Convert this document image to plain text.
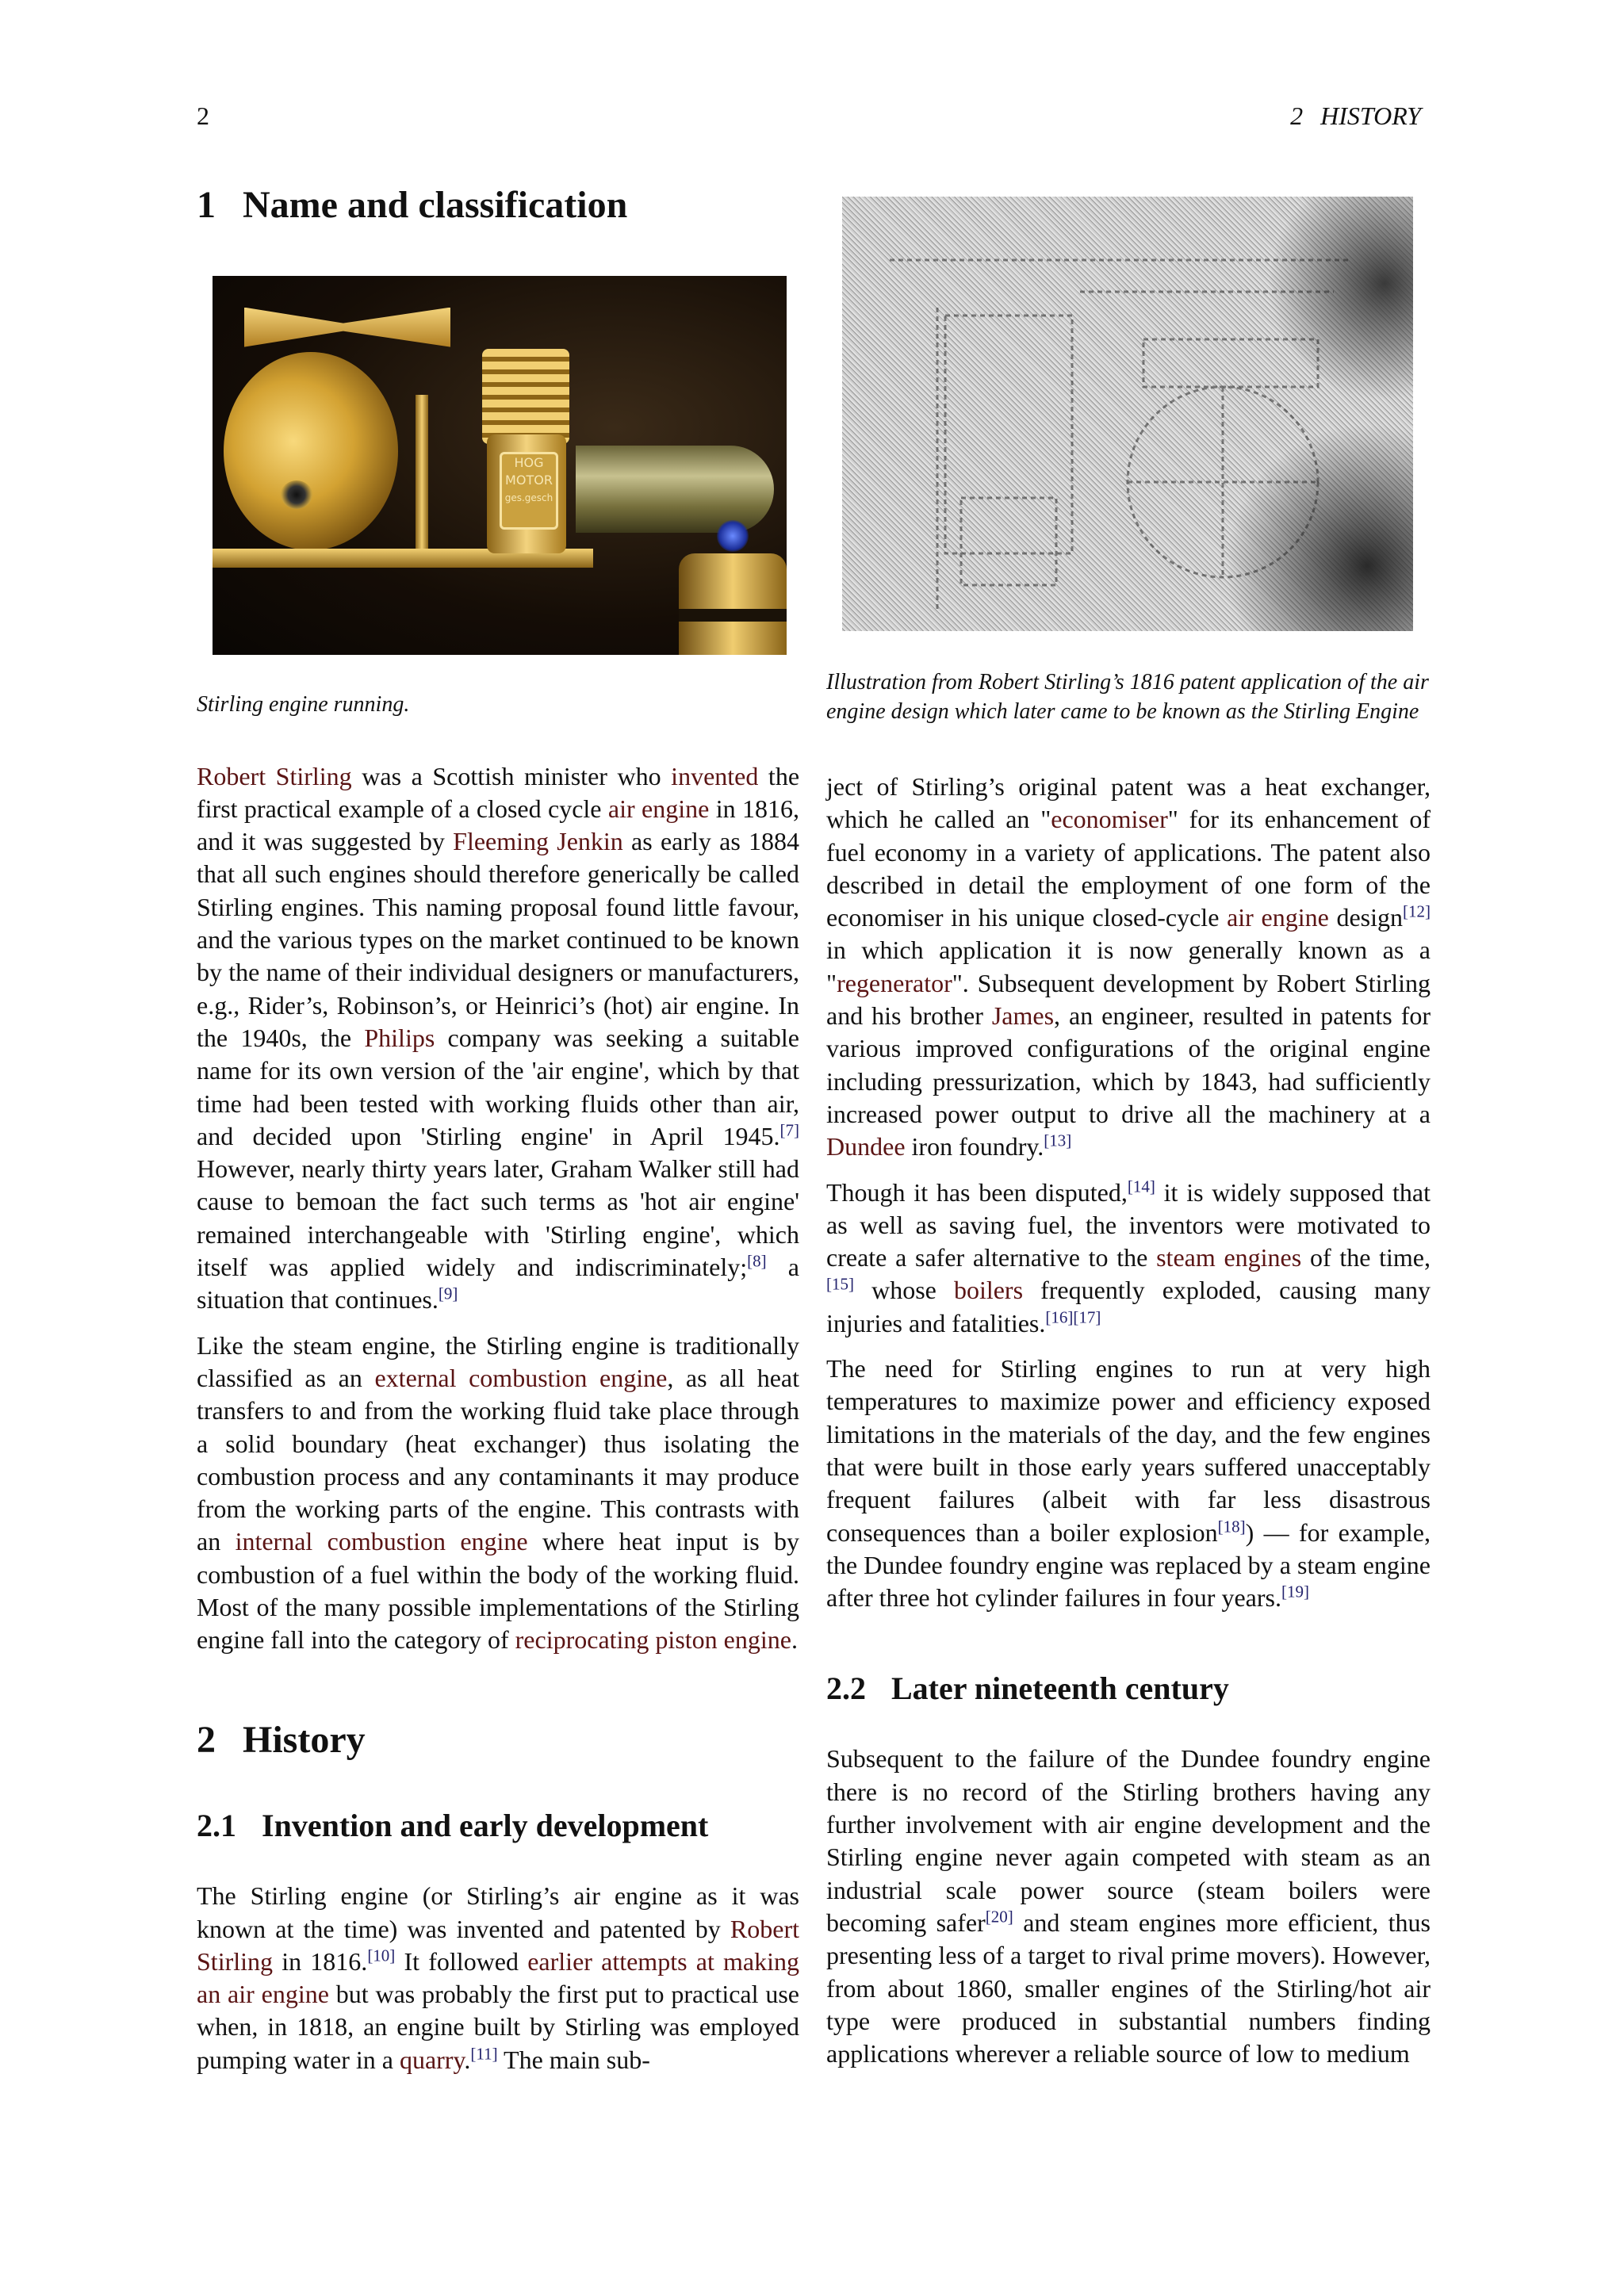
2	2 HISTORY
1 Name and classification
HOG
MOTOR
ges.gesch

Stirling engine running.

Robert Stirling was a Scottish minister who invented the first practical example of a closed cycle air engine in 1816, and it was suggested by Fleeming Jenkin as early as 1884 that all such engines should therefore generically be called Stirling engines. This naming proposal found little favour, and the various types on the market continued to be known by the name of their individual designers or manufacturers, e.g., Rider’s, Robinson’s, or Heinrici’s (hot) air engine. In the 1940s, the Philips company was seeking a suitable name for its own version of the 'air engine', which by that time had been tested with working fluids other than air, and decided upon 'Stirling engine' in April 1945.[7] However, nearly thirty years later, Graham Walker still had cause to bemoan the fact such terms as 'hot air engine' remained interchangeable with 'Stirling engine', which itself was applied widely and indiscriminately;[8] a situation that continues.[9]

Like the steam engine, the Stirling engine is traditionally classified as an external combustion engine, as all heat transfers to and from the working fluid take place through a solid boundary (heat exchanger) thus isolating the combustion process and any contaminants it may produce from the working parts of the engine. This contrasts with an internal combustion engine where heat input is by combustion of a fuel within the body of the working fluid. Most of the many possible implementations of the Stirling engine fall into the category of reciprocating piston engine.

2 History
2.1 Invention and early development

The Stirling engine (or Stirling’s air engine as it was known at the time) was invented and patented by Robert Stirling in 1816.[10] It followed earlier attempts at making an air engine but was probably the first put to practical use when, in 1818, an engine built by Stirling was employed pumping water in a quarry.[11] The main sub-

Illustration from Robert Stirling’s 1816 patent application of the air engine design which later came to be known as the Stirling Engine

ject of Stirling’s original patent was a heat exchanger, which he called an "economiser" for its enhancement of fuel economy in a variety of applications. The patent also described in detail the employment of one form of the economiser in his unique closed-cycle air engine design[12] in which application it is now generally known as a "regenerator". Subsequent development by Robert Stirling and his brother James, an engineer, resulted in patents for various improved configurations of the original engine including pressurization, which by 1843, had sufficiently increased power output to drive all the machinery at a Dundee iron foundry.[13]

Though it has been disputed,[14] it is widely supposed that as well as saving fuel, the inventors were motivated to create a safer alternative to the steam engines of the time,[15] whose boilers frequently exploded, causing many injuries and fatalities.[16][17]

The need for Stirling engines to run at very high temperatures to maximize power and efficiency exposed limitations in the materials of the day, and the few engines that were built in those early years suffered unacceptably frequent failures (albeit with far less disastrous consequences than a boiler explosion[18]) — for example, the Dundee foundry engine was replaced by a steam engine after three hot cylinder failures in four years.[19]

2.2 Later nineteenth century

Subsequent to the failure of the Dundee foundry engine there is no record of the Stirling brothers having any further involvement with air engine development and the Stirling engine never again competed with steam as an industrial scale power source (steam boilers were becoming safer[20] and steam engines more efficient, thus presenting less of a target to rival prime movers). However, from about 1860, smaller engines of the Stirling/hot air type were produced in substantial numbers finding applications wherever a reliable source of low to medium
